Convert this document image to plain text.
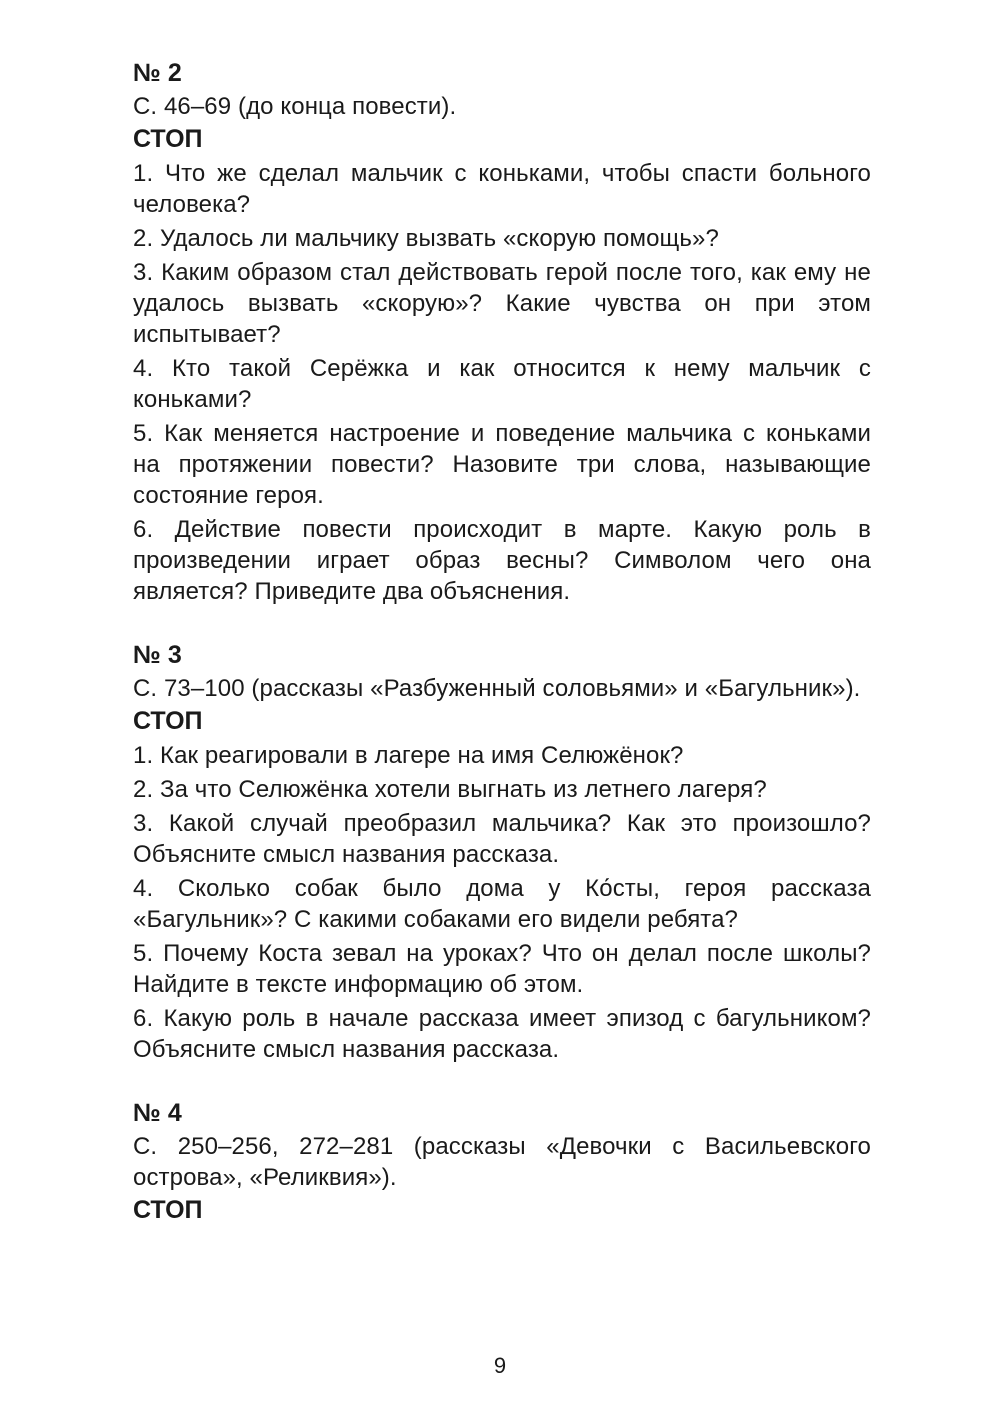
№ 2

С. 46–69 (до конца повести).

СТОП

1. Что же сделал мальчик с коньками, чтобы спасти больного человека?

2. Удалось ли мальчику вызвать «скорую помощь»?

3. Каким образом стал действовать герой после того, как ему не удалось вызвать «скорую»? Какие чувства он при этом испытывает?

4. Кто такой Серёжка и как относится к нему мальчик с коньками?

5. Как меняется настроение и поведение мальчика с коньками на протяжении повести? Назовите три слова, называющие состояние героя.

6. Действие повести происходит в марте. Какую роль в произведении играет образ весны? Символом чего она является? Приведите два объяснения.

№ 3

С. 73–100 (рассказы «Разбуженный соловьями» и «Багульник»).

СТОП

1. Как реагировали в лагере на имя Селюжёнок?

2. За что Селюжёнка хотели выгнать из летнего лагеря?

3. Какой случай преобразил мальчика? Как это произошло? Объясните смысл названия рассказа.

4. Сколько собак было дома у Ко́сты, героя рассказа «Багульник»? С какими собаками его видели ребята?

5. Почему Коста зевал на уроках? Что он делал после школы? Найдите в тексте информацию об этом.

6. Какую роль в начале рассказа имеет эпизод с багульником? Объясните смысл названия рассказа.

№ 4

С. 250–256, 272–281 (рассказы «Девочки с Васильевского острова», «Реликвия»).

СТОП

9
